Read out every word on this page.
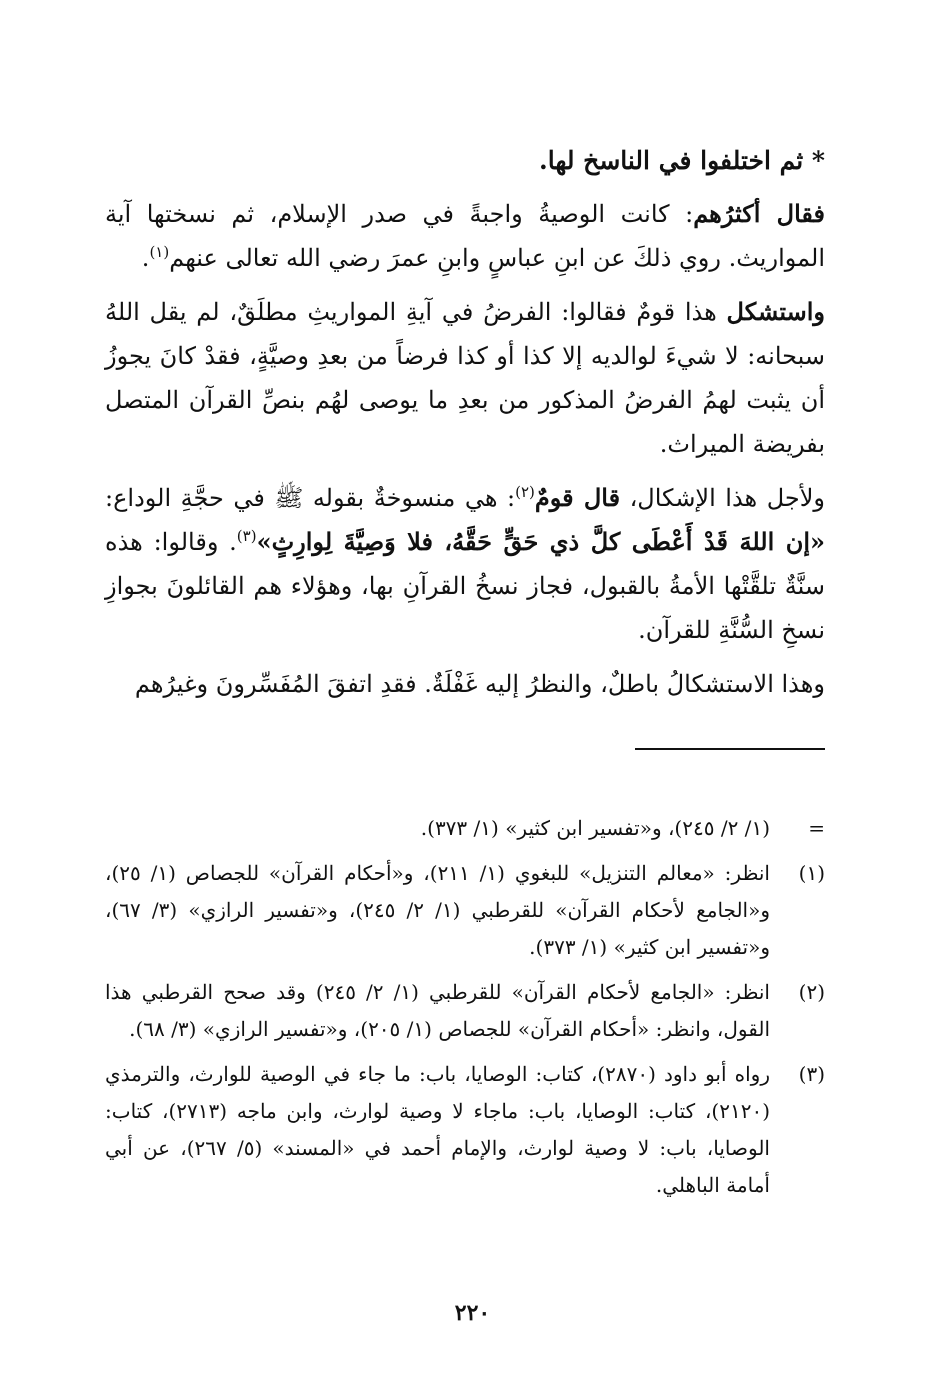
* ثم اختلفوا في الناسخ لها.

فقال أكثرُهم: كانت الوصيةُ واجبةً في صدر الإسلام، ثم نسختها آية المواريث. روي ذلكَ عن ابنِ عباسٍ وابنِ عمرَ رضي الله تعالى عنهم$^{(١)}$.

واستشكل هذا قومٌ فقالوا: الفرضُ في آيةِ المواريثِ مطلَقٌ، لم يقل اللهُ سبحانه: لا شيءَ لوالديه إلا كذا أو كذا فرضاً من بعدِ وصيَّةٍ، فقدْ كانَ يجوزُ أن يثبت لهمُ الفرضُ المذكور من بعدِ ما يوصى لهُم بنصِّ القرآن المتصل بفريضة الميراث.

ولأجل هذا الإشكال، قال قومٌ$^{(٢)}$: هي منسوخةٌ بقوله ﷺ في حجَّةِ الوداع: «إن اللهَ قَدْ أَعْطَى كلَّ ذي حَقٍّ حَقَّهُ، فلا وَصِيَّةَ لِوارِثٍ»$^{(٣)}$. وقالوا: هذه سنَّةٌ تلقَّتْها الأمةُ بالقبول، فجاز نسخُ القرآنِ بها، وهؤلاء هم القائلونَ بجوازِ نسخِ السُّنَّةِ للقرآن.

وهذا الاستشكالُ باطلٌ، والنظرُ إليه غَفْلَةٌ. فقدِ اتفقَ المُفَسِّرونَ وغيرُهم

=
(١/ ٢/ ٢٤٥)، و«تفسير ابن كثير» (١/ ٣٧٣).
(١)
انظر: «معالم التنزيل» للبغوي (١/ ٢١١)، و«أحكام القرآن» للجصاص (١/ ٢٥)، و«الجامع لأحكام القرآن» للقرطبي (١/ ٢/ ٢٤٥)، و«تفسير الرازي» (٣/ ٦٧)، و«تفسير ابن كثير» (١/ ٣٧٣).
(٢)
انظر: «الجامع لأحكام القرآن» للقرطبي (١/ ٢/ ٢٤٥) وقد صحح القرطبي هذا القول، وانظر: «أحكام القرآن» للجصاص (١/ ٢٠٥)، و«تفسير الرازي» (٣/ ٦٨).
(٣)
رواه أبو داود (٢٨٧٠)، كتاب: الوصايا، باب: ما جاء في الوصية للوارث، والترمذي (٢١٢٠)، كتاب: الوصايا، باب: ماجاء لا وصية لوارث، وابن ماجه (٢٧١٣)، كتاب: الوصايا، باب: لا وصية لوارث، والإمام أحمد في «المسند» (٥/ ٢٦٧)، عن أبي أمامة الباهلي.
٢٢٠
